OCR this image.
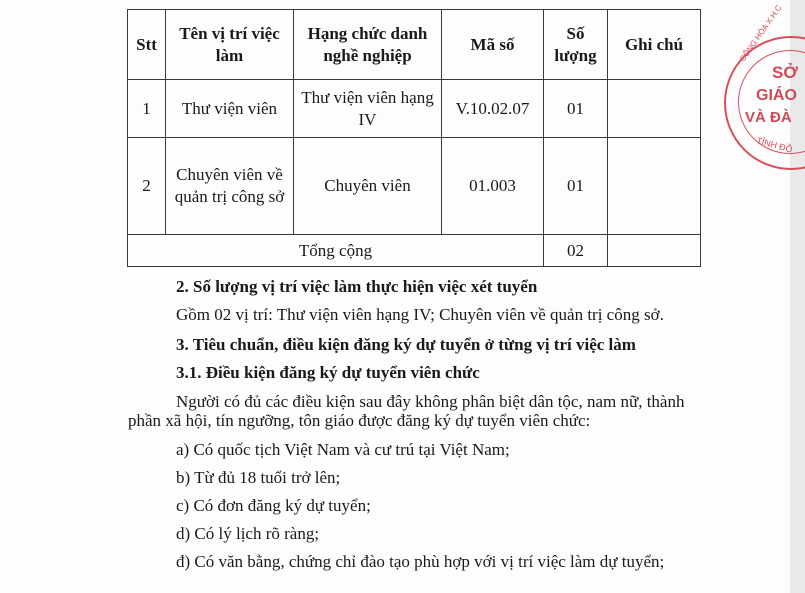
Stt	Tên vị trí việc làm	Hạng chức danh nghề nghiệp	Mã số	Số lượng	Ghi chú
1	Thư viện viên	Thư viện viên hạng IV	V.10.02.07	01	
2	Chuyên viên về quản trị công sở	Chuyên viên	01.003	01	
Tổng cộng				02	
2. Số lượng vị trí việc làm thực hiện việc xét tuyển
Gồm 02 vị trí: Thư viện viên hạng IV; Chuyên viên về quản trị công sở.
3. Tiêu chuẩn, điều kiện đăng ký dự tuyển ở từng vị trí việc làm
3.1. Điều kiện đăng ký dự tuyển viên chức
Người có đủ các điều kiện sau đây không phân biệt dân tộc, nam nữ, thành
phần xã hội, tín ngưỡng, tôn giáo được đăng ký dự tuyển viên chức:
a) Có quốc tịch Việt Nam và cư trú tại Việt Nam;
b) Từ đủ 18 tuổi trở lên;
c) Có đơn đăng ký dự tuyển;
d) Có lý lịch rõ ràng;
đ) Có văn bằng, chứng chỉ đào tạo phù hợp với vị trí việc làm dự tuyển;
CỘNG HÒA X.H.C
SỞ
GIÁO
VÀ ĐÀ
TỈNH ĐỒ
